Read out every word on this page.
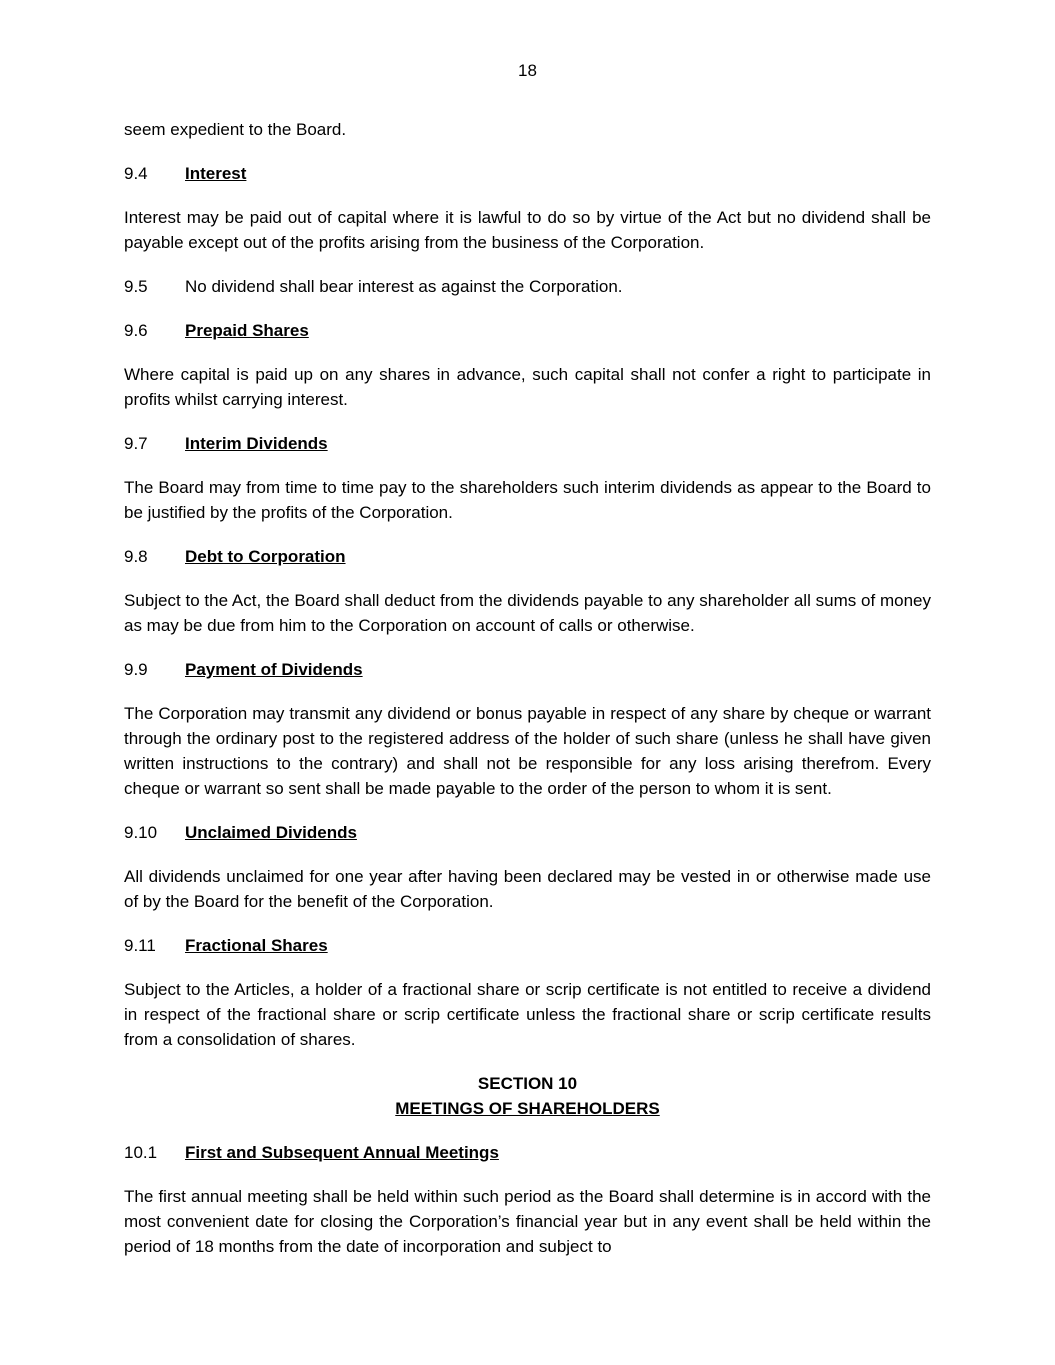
18

seem expedient to the Board.

9.4 Interest

Interest may be paid out of capital where it is lawful to do so by virtue of the Act but no dividend shall be payable except out of the profits arising from the business of the Corporation.

9.5 No dividend shall bear interest as against the Corporation.
9.6 Prepaid Shares

Where capital is paid up on any shares in advance, such capital shall not confer a right to participate in profits whilst carrying interest.

9.7 Interim Dividends

The Board may from time to time pay to the shareholders such interim dividends as appear to the Board to be justified by the profits of the Corporation.

9.8 Debt to Corporation

Subject to the Act, the Board shall deduct from the dividends payable to any shareholder all sums of money as may be due from him to the Corporation on account of calls or otherwise.

9.9 Payment of Dividends

The Corporation may transmit any dividend or bonus payable in respect of any share by cheque or warrant through the ordinary post to the registered address of the holder of such share (unless he shall have given written instructions to the contrary) and shall not be responsible for any loss arising therefrom. Every cheque or warrant so sent shall be made payable to the order of the person to whom it is sent.

9.10 Unclaimed Dividends

All dividends unclaimed for one year after having been declared may be vested in or otherwise made use of by the Board for the benefit of the Corporation.

9.11 Fractional Shares

Subject to the Articles, a holder of a fractional share or scrip certificate is not entitled to receive a dividend in respect of the fractional share or scrip certificate unless the fractional share or scrip certificate results from a consolidation of shares.

SECTION 10
MEETINGS OF SHAREHOLDERS
10.1 First and Subsequent Annual Meetings

The first annual meeting shall be held within such period as the Board shall determine is in accord with the most convenient date for closing the Corporation’s financial year but in any event shall be held within the period of 18 months from the date of incorporation and subject to
